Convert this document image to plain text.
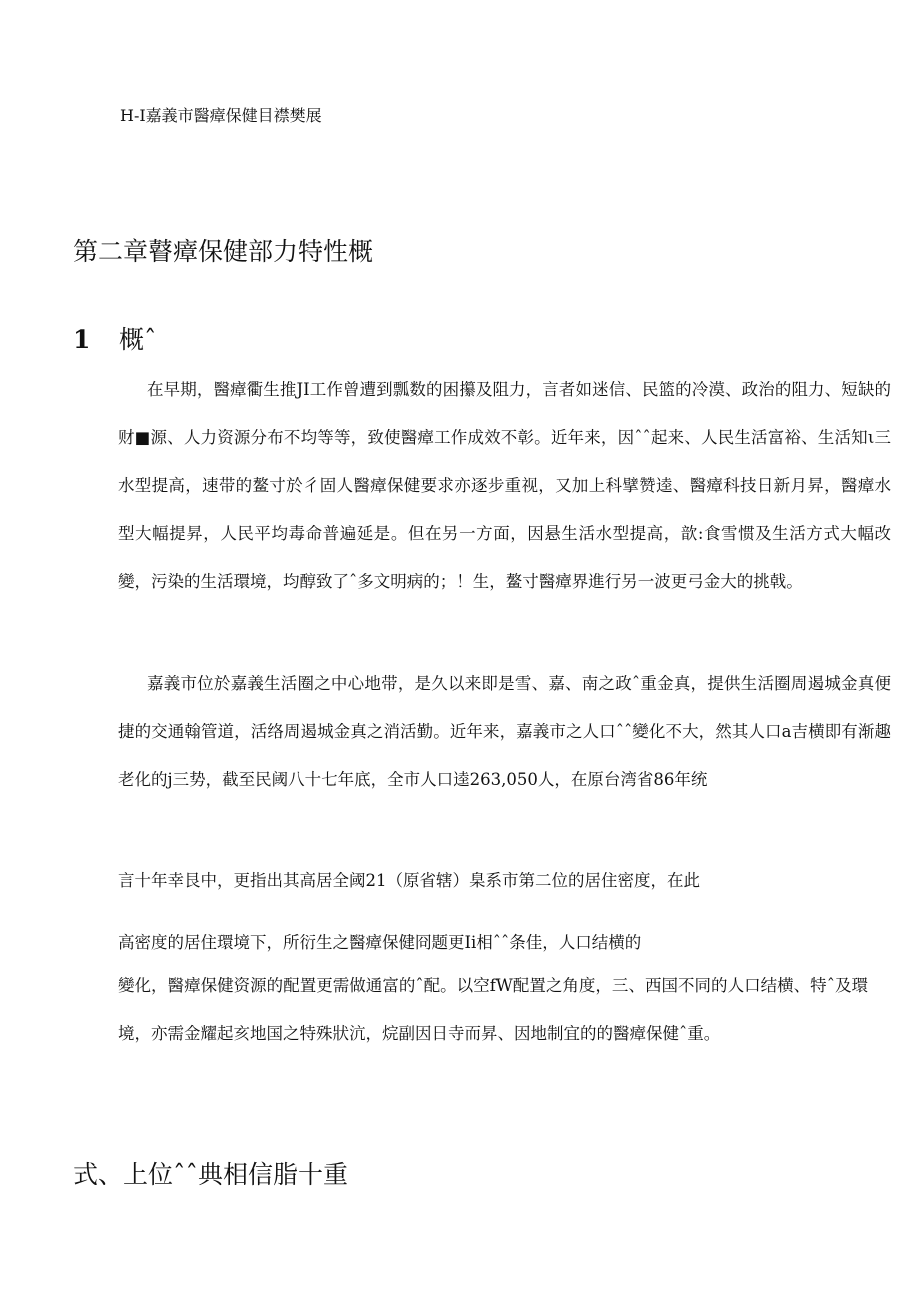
H-I嘉義市醫瘴保健目襟樊展
第二章瞽瘴保健部力特性概
1 概ˆ

在早期，醫瘴衢生推JI工作曾遭到瓢数的困攥及阻力，言者如迷信、民篮的冷漠、政治的阻力、短缺的财■源、人力资源分布不均等等，致使醫瘴工作成效不彰。近年来，因ˆˆ起来、人民生活富裕、生活知ι三水型提高，速带的鳌寸於彳固人醫瘴保健要求亦逐步重视，又加上科擘赞逵、醫瘴科技日新月昇，醫瘴水型大幅提昇，人民平均毒命普遍延是。但在另一方面，因悬生活水型提高，歆:食雪惯及生活方式大幅改變，污染的生活環境，均醇致了ˆ多文明病的；！生，鳌寸醫瘴界進行另一波更弓金大的挑戟。

嘉義市位於嘉義生活圈之中心地带，是久以来即是雪、嘉、南之政ˆ重金真，提供生活圈周遏城金真便捷的交通翰管道，活络周遏城金真之消活勤。近年来，嘉義市之人口ˆˆ變化不大，然其人口a吉横即有渐趣老化的j三势，截至民阈八十七年底，全市人口逵263,050人，在原台湾省86年统

言十年幸艮中，更指出其高居全阈21（原省辖）臬系市第二位的居住密度，在此
高密度的居住環境下，所衍生之醫瘴保健冏题更Ii相ˆˆ条佳，人口结横的

變化，醫瘴保健资源的配置更需做通富的ˆ配。以空fW配置之角度，三、西国不同的人口结横、特ˆ及環境，亦需金耀起亥地国之特殊狀沆，烷副因日寺而昇、因地制宜的的醫瘴保健ˆ重。

式、上位ˆˆ典相信脂十重
